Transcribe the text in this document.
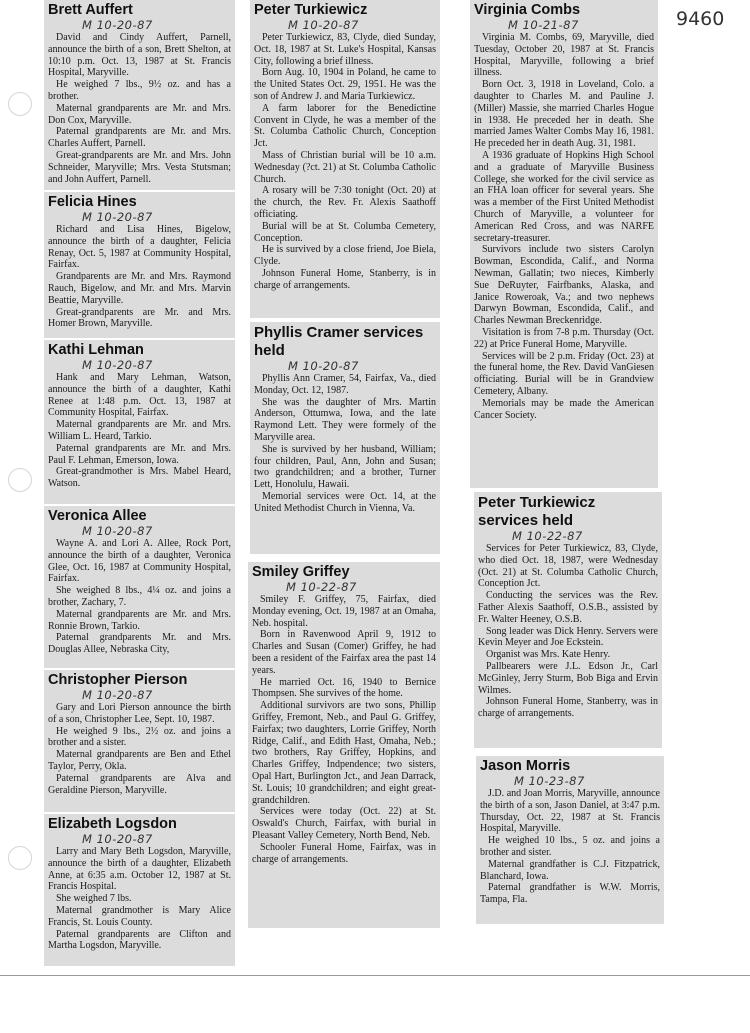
9460
Brett Auffert
M 10-20-87

David and Cindy Auffert, Parnell, announce the birth of a son, Brett Shelton, at 10:10 p.m. Oct. 13, 1987 at St. Francis Hospital, Maryville.

He weighed 7 lbs., 9½ oz. and has a brother.

Maternal grandparents are Mr. and Mrs. Don Cox, Maryville.

Paternal grandparents are Mr. and Mrs. Charles Auffert, Parnell.

Great-grandparents are Mr. and Mrs. John Schneider, Maryville; Mrs. Vesta Stutsman; and John Auffert, Parnell.

Felicia Hines
M 10-20-87

Richard and Lisa Hines, Bigelow, announce the birth of a daughter, Felicia Renay, Oct. 5, 1987 at Community Hospital, Fairfax.

Grandparents are Mr. and Mrs. Raymond Rauch, Bigelow, and Mr. and Mrs. Marvin Beattie, Maryville.

Great-grandparents are Mr. and Mrs. Homer Brown, Maryville.

Kathi Lehman
M 10-20-87

Hank and Mary Lehman, Watson, announce the birth of a daughter, Kathi Renee at 1:48 p.m. Oct. 13, 1987 at Community Hospital, Fairfax.

Maternal grandparents are Mr. and Mrs. William L. Heard, Tarkio.

Paternal grandparents are Mr. and Mrs. Paul F. Lehman, Emerson, Iowa.

Great-grandmother is Mrs. Mabel Heard, Watson.

Veronica Allee
M 10-20-87

Wayne A. and Lori A. Allee, Rock Port, announce the birth of a daughter, Veronica Glee, Oct. 16, 1987 at Community Hospital, Fairfax.

She weighed 8 lbs., 4¼ oz. and joins a brother, Zachary, 7.

Maternal grandparents are Mr. and Mrs. Ronnie Brown, Tarkio.

Paternal grandparents Mr. and Mrs. Douglas Allee, Nebraska City,

Christopher Pierson
M 10-20-87

Gary and Lori Pierson announce the birth of a son, Christopher Lee, Sept. 10, 1987.

He weighed 9 lbs., 2½ oz. and joins a brother and a sister.

Maternal grandparents are Ben and Ethel Taylor, Perry, Okla.

Paternal grandparents are Alva and Geraldine Pierson, Maryville.

Elizabeth Logsdon
M 10-20-87

Larry and Mary Beth Logsdon, Maryville, announce the birth of a daughter, Elizabeth Anne, at 6:35 a.m. October 12, 1987 at St. Francis Hospital.

She weighed 7 lbs.

Maternal grandmother is Mary Alice Francis, St. Louis County.

Paternal grandparents are Clifton and Martha Logsdon, Maryville.

Peter Turkiewicz
M 10-20-87

Peter Turkiewicz, 83, Clyde, died Sunday, Oct. 18, 1987 at St. Luke's Hospital, Kansas City, following a brief illness.

Born Aug. 10, 1904 in Poland, he came to the United States Oct. 29, 1951. He was the son of Andrew J. and Maria Turkiewicz.

A farm laborer for the Benedictine Convent in Clyde, he was a member of the St. Columba Catholic Church, Conception Jct.

Mass of Christian burial will be 10 a.m. Wednesday (?ct. 21) at St. Columba Catholic Church.

A rosary will be 7:30 tonight (Oct. 20) at the church, the Rev. Fr. Alexis Saathoff officiating.

Burial will be at St. Columba Cemetery, Conception.

He is survived by a close friend, Joe Biela, Clyde.

Johnson Funeral Home, Stanberry, is in charge of arrangements.

Phyllis Cramer services held
M 10-20-87

Phyllis Ann Cramer, 54, Fairfax, Va., died Monday, Oct. 12, 1987.

She was the daughter of Mrs. Martin Anderson, Ottumwa, Iowa, and the late Raymond Lett. They were formely of the Maryville area.

She is survived by her husband, William; four children, Paul, Ann, John and Susan; two grandchildren; and a brother, Turner Lett, Honolulu, Hawaii.

Memorial services were Oct. 14, at the United Methodist Church in Vienna, Va.

Smiley Griffey
M 10-22-87

Smiley F. Griffey, 75, Fairfax, died Monday evening, Oct. 19, 1987 at an Omaha, Neb. hospital.

Born in Ravenwood April 9, 1912 to Charles and Susan (Comer) Griffey, he had been a resident of the Fairfax area the past 14 years.

He married Oct. 16, 1940 to Bernice Thompsen. She survives of the home.

Additional survivors are two sons, Phillip Griffey, Fremont, Neb., and Paul G. Griffey, Fairfax; two daughters, Lorrie Griffey, North Ridge, Calif., and Edith Hast, Omaha, Neb.; two brothers, Ray Griffey, Hopkins, and Charles Griffey, Indpendence; two sisters, Opal Hart, Burlington Jct., and Jean Darrack, St. Louis; 10 grandchildren; and eight great-grandchildren.

Services were today (Oct. 22) at St. Oswald's Church, Fairfax, with burial in Pleasant Valley Cemetery, North Bend, Neb.

Schooler Funeral Home, Fairfax, was in charge of arrangements.

Virginia Combs
M 10-21-87

Virginia M. Combs, 69, Maryville, died Tuesday, October 20, 1987 at St. Francis Hospital, Maryville, following a brief illness.

Born Oct. 3, 1918 in Loveland, Colo. a daughter to Charles M. and Pauline J. (Miller) Massie, she married Charles Hogue in 1938. He preceded her in death. She married James Walter Combs May 16, 1981. He preceded her in death Aug. 31, 1981.

A 1936 graduate of Hopkins High School and a graduate of Maryville Business College, she worked for the civil service as an FHA loan officer for several years. She was a member of the First United Methodist Church of Maryville, a volunteer for American Red Cross, and was NARFE secretary-treasurer.

Survivors include two sisters Carolyn Bowman, Escondida, Calif., and Norma Newman, Gallatin; two nieces, Kimberly Sue DeRuyter, Fairfbanks, Alaska, and Janice Roweroak, Va.; and two nephews Darwyn Bowman, Escondida, Calif., and Charles Newman Breckenridge.

Visitation is from 7-8 p.m. Thursday (Oct. 22) at Price Funeral Home, Maryville.

Services will be 2 p.m. Friday (Oct. 23) at the funeral home, the Rev. David VanGiesen officiating. Burial will be in Grandview Cemetery, Albany.

Memorials may be made the American Cancer Society.

Peter Turkiewicz services held
M 10-22-87

Services for Peter Turkiewicz, 83, Clyde, who died Oct. 18, 1987, were Wednesday (Oct. 21) at St. Columba Catholic Church, Conception Jct.

Conducting the services was the Rev. Father Alexis Saathoff, O.S.B., assisted by Fr. Walter Heeney, O.S.B.

Song leader was Dick Henry. Servers were Kevin Meyer and Joe Eckstein.

Organist was Mrs. Kate Henry.

Pallbearers were J.L. Edson Jr., Carl McGinley, Jerry Sturm, Bob Biga and Ervin Wilmes.

Johnson Funeral Home, Stanberry, was in charge of arrangements.

Jason Morris
M 10-23-87

J.D. and Joan Morris, Maryville, announce the birth of a son, Jason Daniel, at 3:47 p.m. Thursday, Oct. 22, 1987 at St. Francis Hospital, Maryville.

He weighed 10 lbs., 5 oz. and joins a brother and sister.

Maternal grandfather is C.J. Fitzpatrick, Blanchard, Iowa.

Paternal grandfather is W.W. Morris, Tampa, Fla.
